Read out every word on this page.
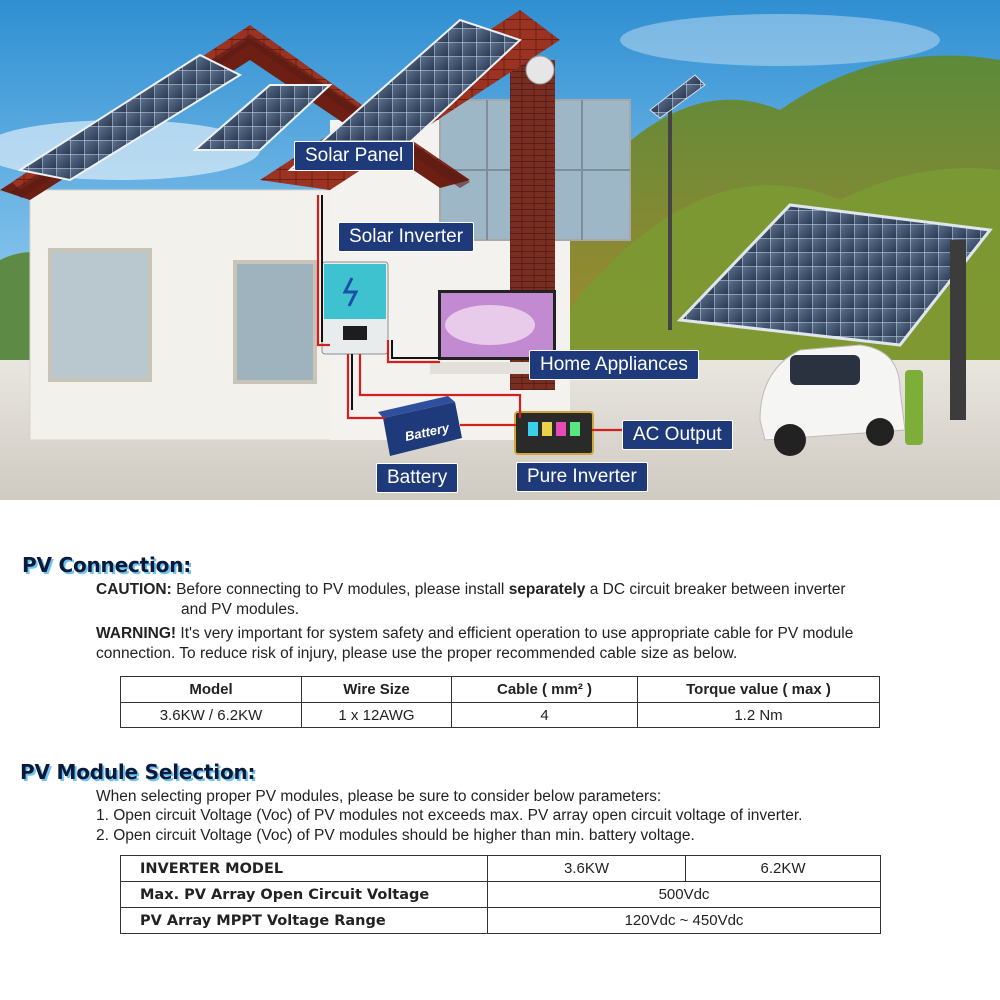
Battery
Solar Panel
Solar Inverter
Home Appliances
AC Output
Battery	Pure Inverter
PV Connection:
CAUTION: Before connecting to PV modules, please install separately a DC circuit breaker between inverter
and PV modules.
WARNING! It's very important for system safety and efficient operation to use appropriate cable for PV module
connection. To reduce risk of injury, please use the proper recommended cable size as below.
Model	Wire Size	Cable ( mm² )	Torque value ( max )
3.6KW / 6.2KW	1 x 12AWG	4	1.2 Nm
PV Module Selection:
When selecting proper PV modules, please be sure to consider below parameters:
1. Open circuit Voltage (Voc) of PV modules not exceeds max. PV array open circuit voltage of inverter.
2. Open circuit Voltage (Voc) of PV modules should be higher than min. battery voltage.
INVERTER MODEL	3.6KW	6.2KW
Max. PV Array Open Circuit Voltage	500Vdc	
PV Array MPPT Voltage Range	120Vdc ~ 450Vdc	
